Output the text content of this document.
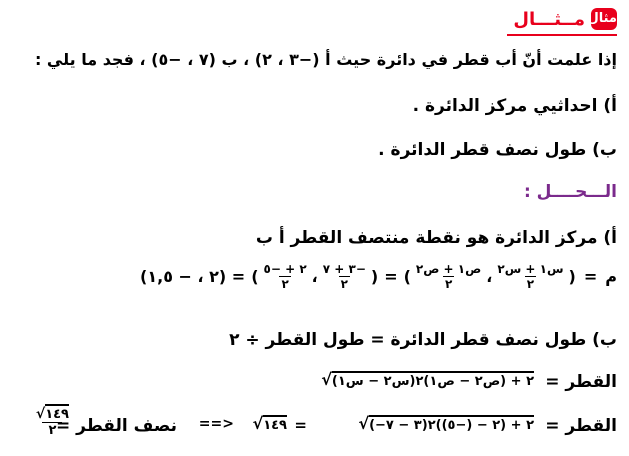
مثال
مــثـــال
إذا علمت أنّ أب قطر في دائرة حيث أ (−٣ ، ٢) ، ب (٧ ، −٥) ، فجد ما يلي :
أ) احداثيي مركز الدائرة .
ب) طول نصف قطر الدائرة .
الـــحــــل :
أ) مركز الدائرة هو نقطة منتصف القطر أ ب
م
=
(
س١ + س٢
٢
،
ص١ + ص٢
٢
)
=
(
−٣ + ٧
٢
،
٢ + −٥
٢
)
= (٢ ، − ١,٥)
ب) طول نصف قطر الدائرة = طول القطر ÷ ٢
القطر =
√
(س٢ − س١)٢ + (ص٢ − ص١)٢
القطر =
√
(−٣ − ٧)٢ + (٢ − (−٥))٢
=
√
١٤٩
==>
نصف القطر =
√
١٤٩
٢
